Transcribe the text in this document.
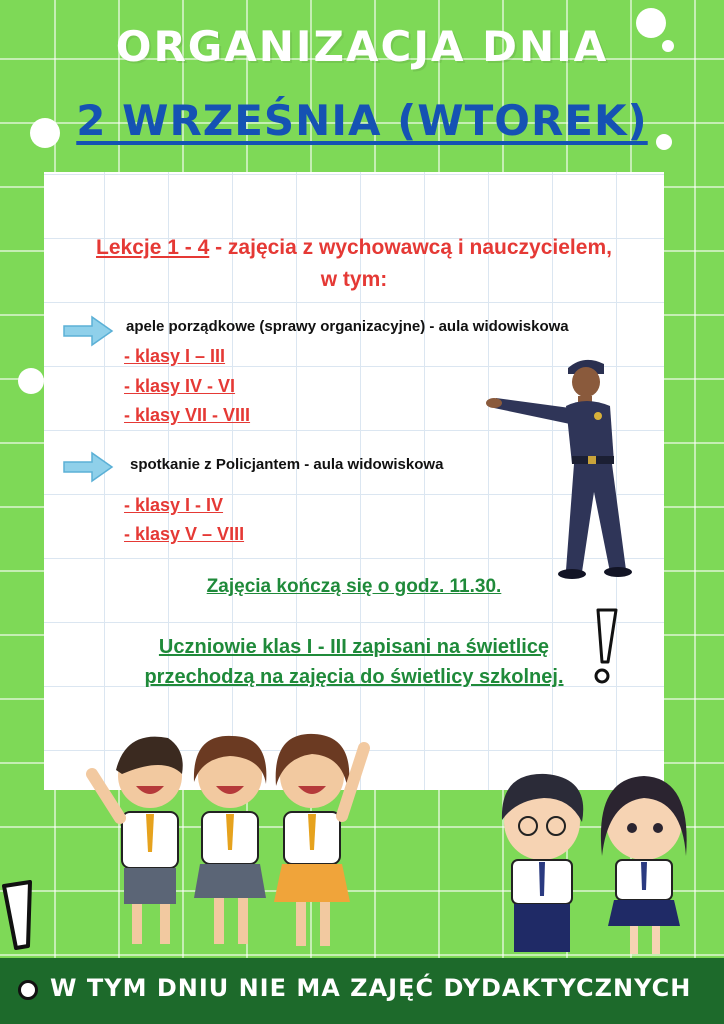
ORGANIZACJA DNIA
2 WRZEŚNIA (WTOREK)
Lekcje 1 - 4 - zajęcia z wychowawcą i nauczycielem,
w tym:
apele porządkowe (sprawy organizacyjne) - aula widowiskowa
- klasy I – III
- klasy IV - VI
- klasy VII - VIII
spotkanie z Policjantem - aula widowiskowa
- klasy I - IV
- klasy V – VIII
Zajęcia kończą się o godz. 11.30.
Uczniowie klas I - III zapisani na świetlicę
przechodzą na zajęcia do świetlicy szkolnej.
W TYM DNIU NIE MA ZAJĘĆ DYDAKTYCZNYCH
